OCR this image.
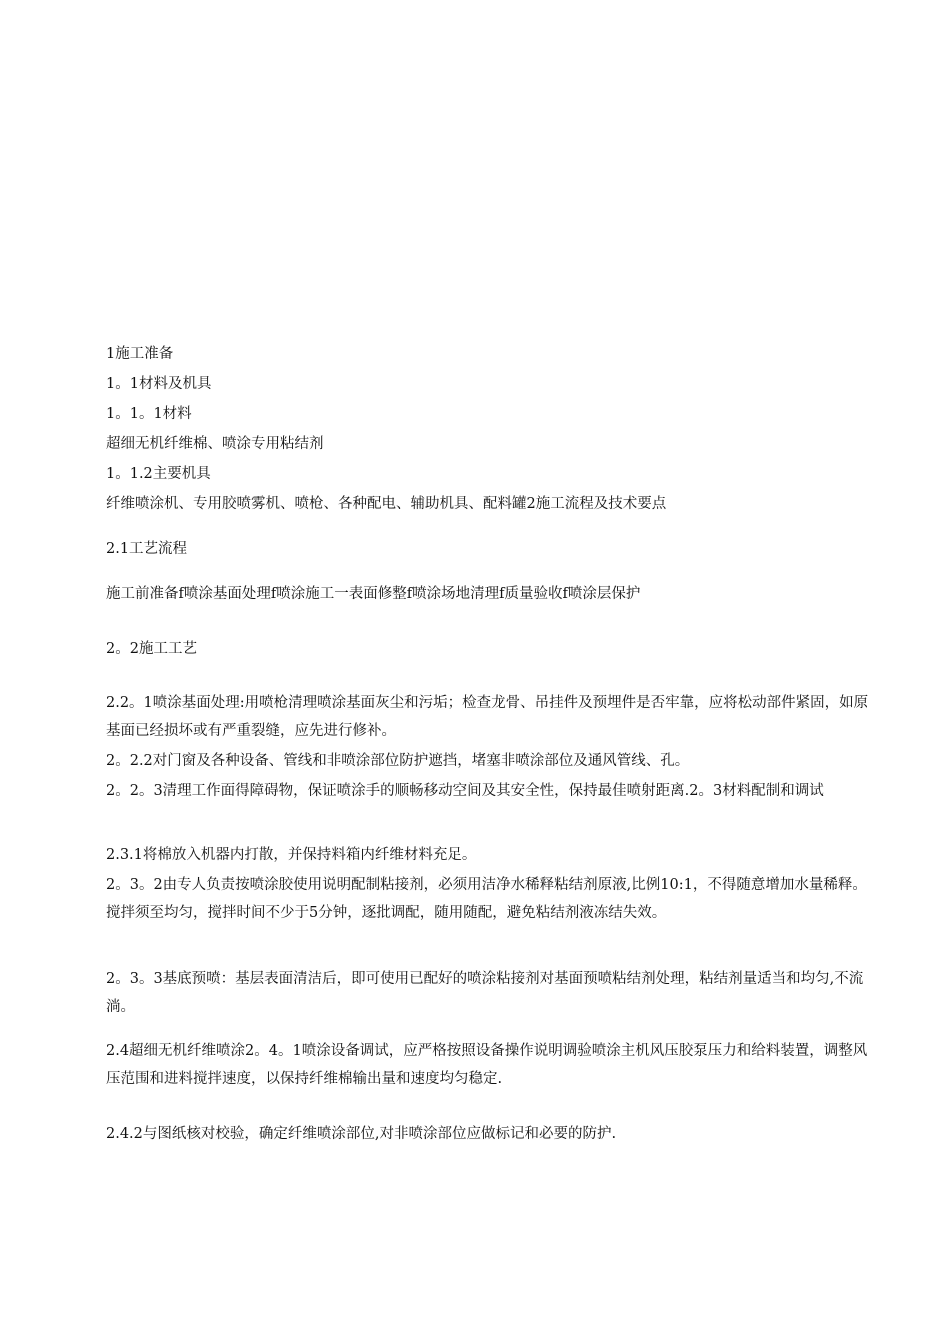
1施工准备
1。1材料及机具
1。1。1材料
超细无机纤维棉、喷涂专用粘结剂
1。1.2主要机具
纤维喷涂机、专用胶喷雾机、喷枪、各种配电、辅助机具、配料罐2施工流程及技术要点
2.1工艺流程
施工前准备f喷涂基面处理f喷涂施工一表面修整f喷涂场地清理f质量验收f喷涂层保护
2。2施工工艺
2.2。1喷涂基面处理:用喷枪清理喷涂基面灰尘和污垢；检查龙骨、吊挂件及预埋件是否牢靠，应将松动部件紧固，如原基面已经损坏或有严重裂缝，应先进行修补。
2。2.2对门窗及各种设备、管线和非喷涂部位防护遮挡，堵塞非喷涂部位及通风管线、孔。
2。2。3清理工作面得障碍物，保证喷涂手的顺畅移动空间及其安全性，保持最佳喷射距离.2。3材料配制和调试
2.3.1将棉放入机器内打散，并保持料箱内纤维材料充足。
2。3。2由专人负责按喷涂胶使用说明配制粘接剂，必须用洁净水稀释粘结剂原液,比例10:1，不得随意增加水量稀释。搅拌须至均匀，搅拌时间不少于5分钟，逐批调配，随用随配，避免粘结剂液冻结失效。
2。3。3基底预喷：基层表面清洁后，即可使用已配好的喷涂粘接剂对基面预喷粘结剂处理，粘结剂量适当和均匀,不流淌。
2.4超细无机纤维喷涂2。4。1喷涂设备调试，应严格按照设备操作说明调验喷涂主机风压胶泵压力和给料装置，调整风压范围和进料搅拌速度，以保持纤维棉输出量和速度均匀稳定.
2.4.2与图纸核对校验，确定纤维喷涂部位,对非喷涂部位应做标记和必要的防护.
